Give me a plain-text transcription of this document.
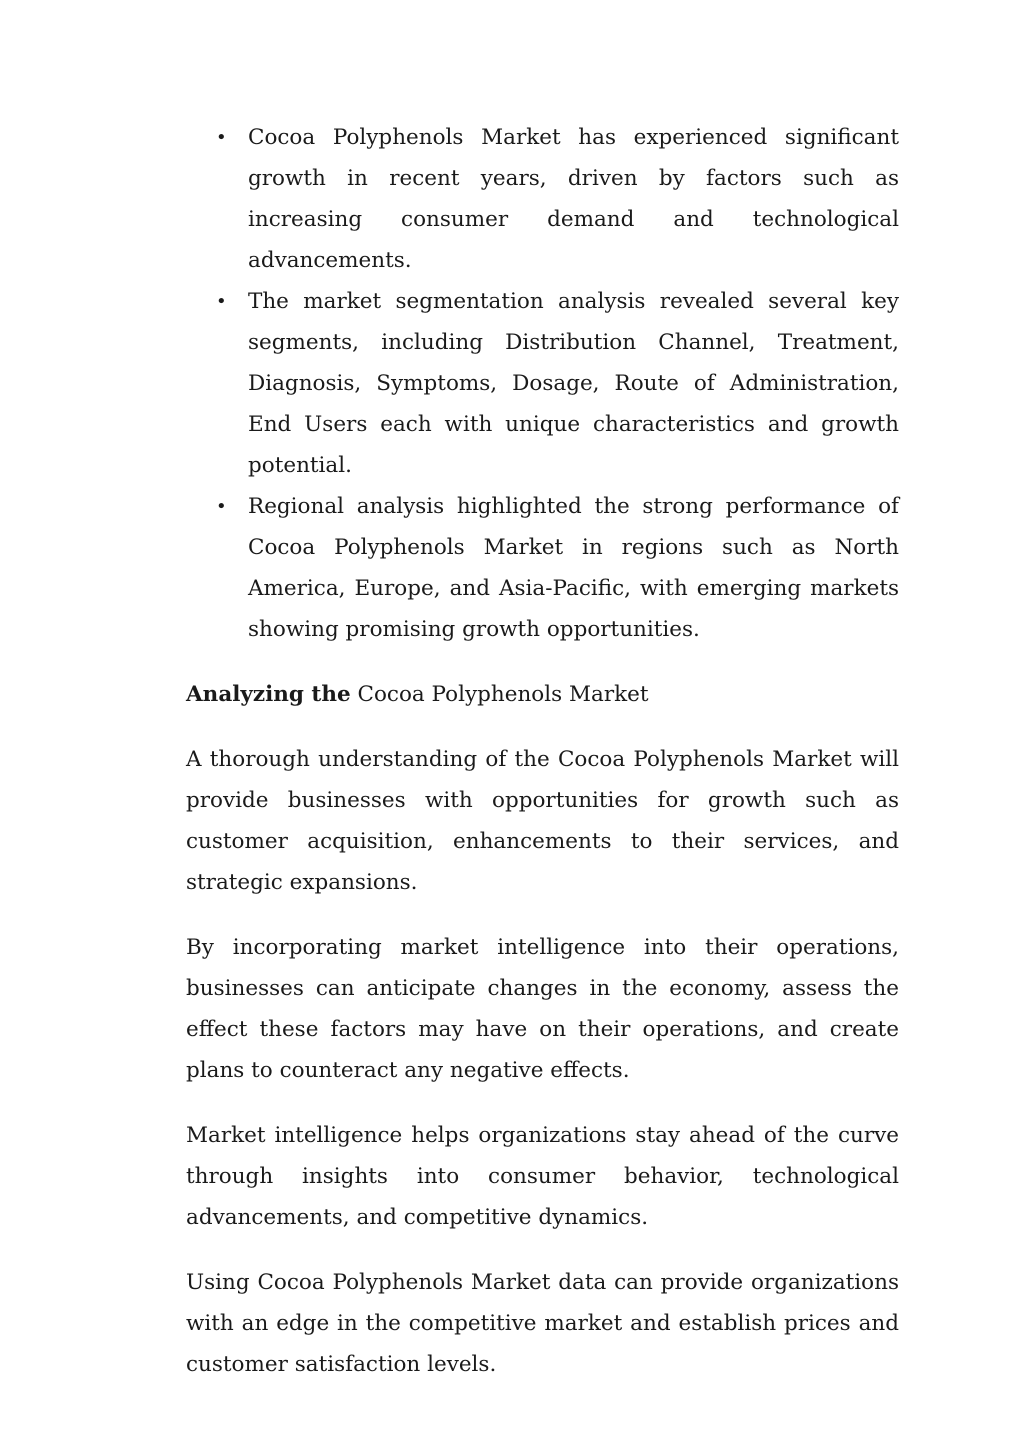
• Cocoa Polyphenols Market has experienced significant growth in recent years, driven by factors such as increasing consumer demand and technological advancements.
• The market segmentation analysis revealed several key segments, including Distribution Channel, Treatment, Diagnosis, Symptoms, Dosage, Route of Administration, End Users each with unique characteristics and growth potential.
• Regional analysis highlighted the strong performance of Cocoa Polyphenols Market in regions such as North America, Europe, and Asia-Pacific, with emerging markets showing promising growth opportunities.
Analyzing the Cocoa Polyphenols Market

A thorough understanding of the Cocoa Polyphenols Market will provide businesses with opportunities for growth such as customer acquisition, enhancements to their services, and strategic expansions.

By incorporating market intelligence into their operations, businesses can anticipate changes in the economy, assess the effect these factors may have on their operations, and create plans to counteract any negative effects.

Market intelligence helps organizations stay ahead of the curve through insights into consumer behavior, technological advancements, and competitive dynamics.

Using Cocoa Polyphenols Market data can provide organizations with an edge in the competitive market and establish prices and customer satisfaction levels.
